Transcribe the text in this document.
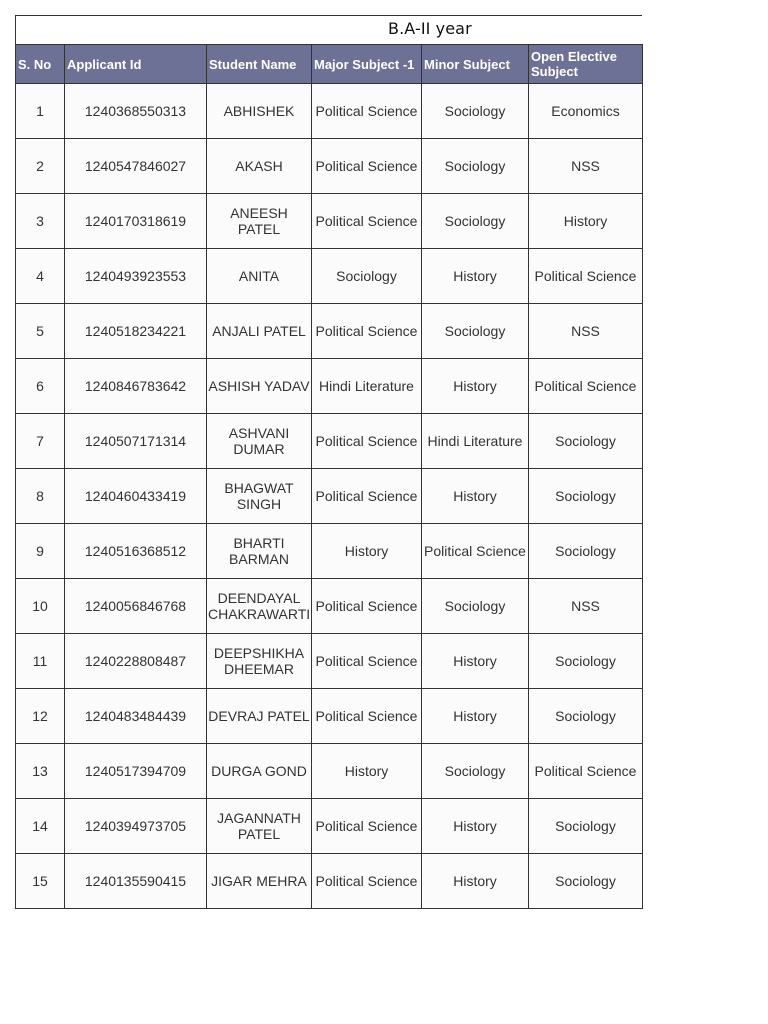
B.A-II year
S. No	Applicant Id	Student Name	Major Subject -1	Minor Subject	Open Elective Subject
1	1240368550313	ABHISHEK	Political Science	Sociology	Economics
2	1240547846027	AKASH	Political Science	Sociology	NSS
3	1240170318619	ANEESH PATEL	Political Science	Sociology	History
4	1240493923553	ANITA	Sociology	History	Political Science
5	1240518234221	ANJALI PATEL	Political Science	Sociology	NSS
6	1240846783642	ASHISH YADAV	Hindi Literature	History	Political Science
7	1240507171314	ASHVANI DUMAR	Political Science	Hindi Literature	Sociology
8	1240460433419	BHAGWAT SINGH	Political Science	History	Sociology
9	1240516368512	BHARTI BARMAN	History	Political Science	Sociology
10	1240056846768	DEENDAYAL CHAKRAWARTI	Political Science	Sociology	NSS
11	1240228808487	DEEPSHIKHA DHEEMAR	Political Science	History	Sociology
12	1240483484439	DEVRAJ PATEL	Political Science	History	Sociology
13	1240517394709	DURGA GOND	History	Sociology	Political Science
14	1240394973705	JAGANNATH PATEL	Political Science	History	Sociology
15	1240135590415	JIGAR MEHRA	Political Science	History	Sociology
